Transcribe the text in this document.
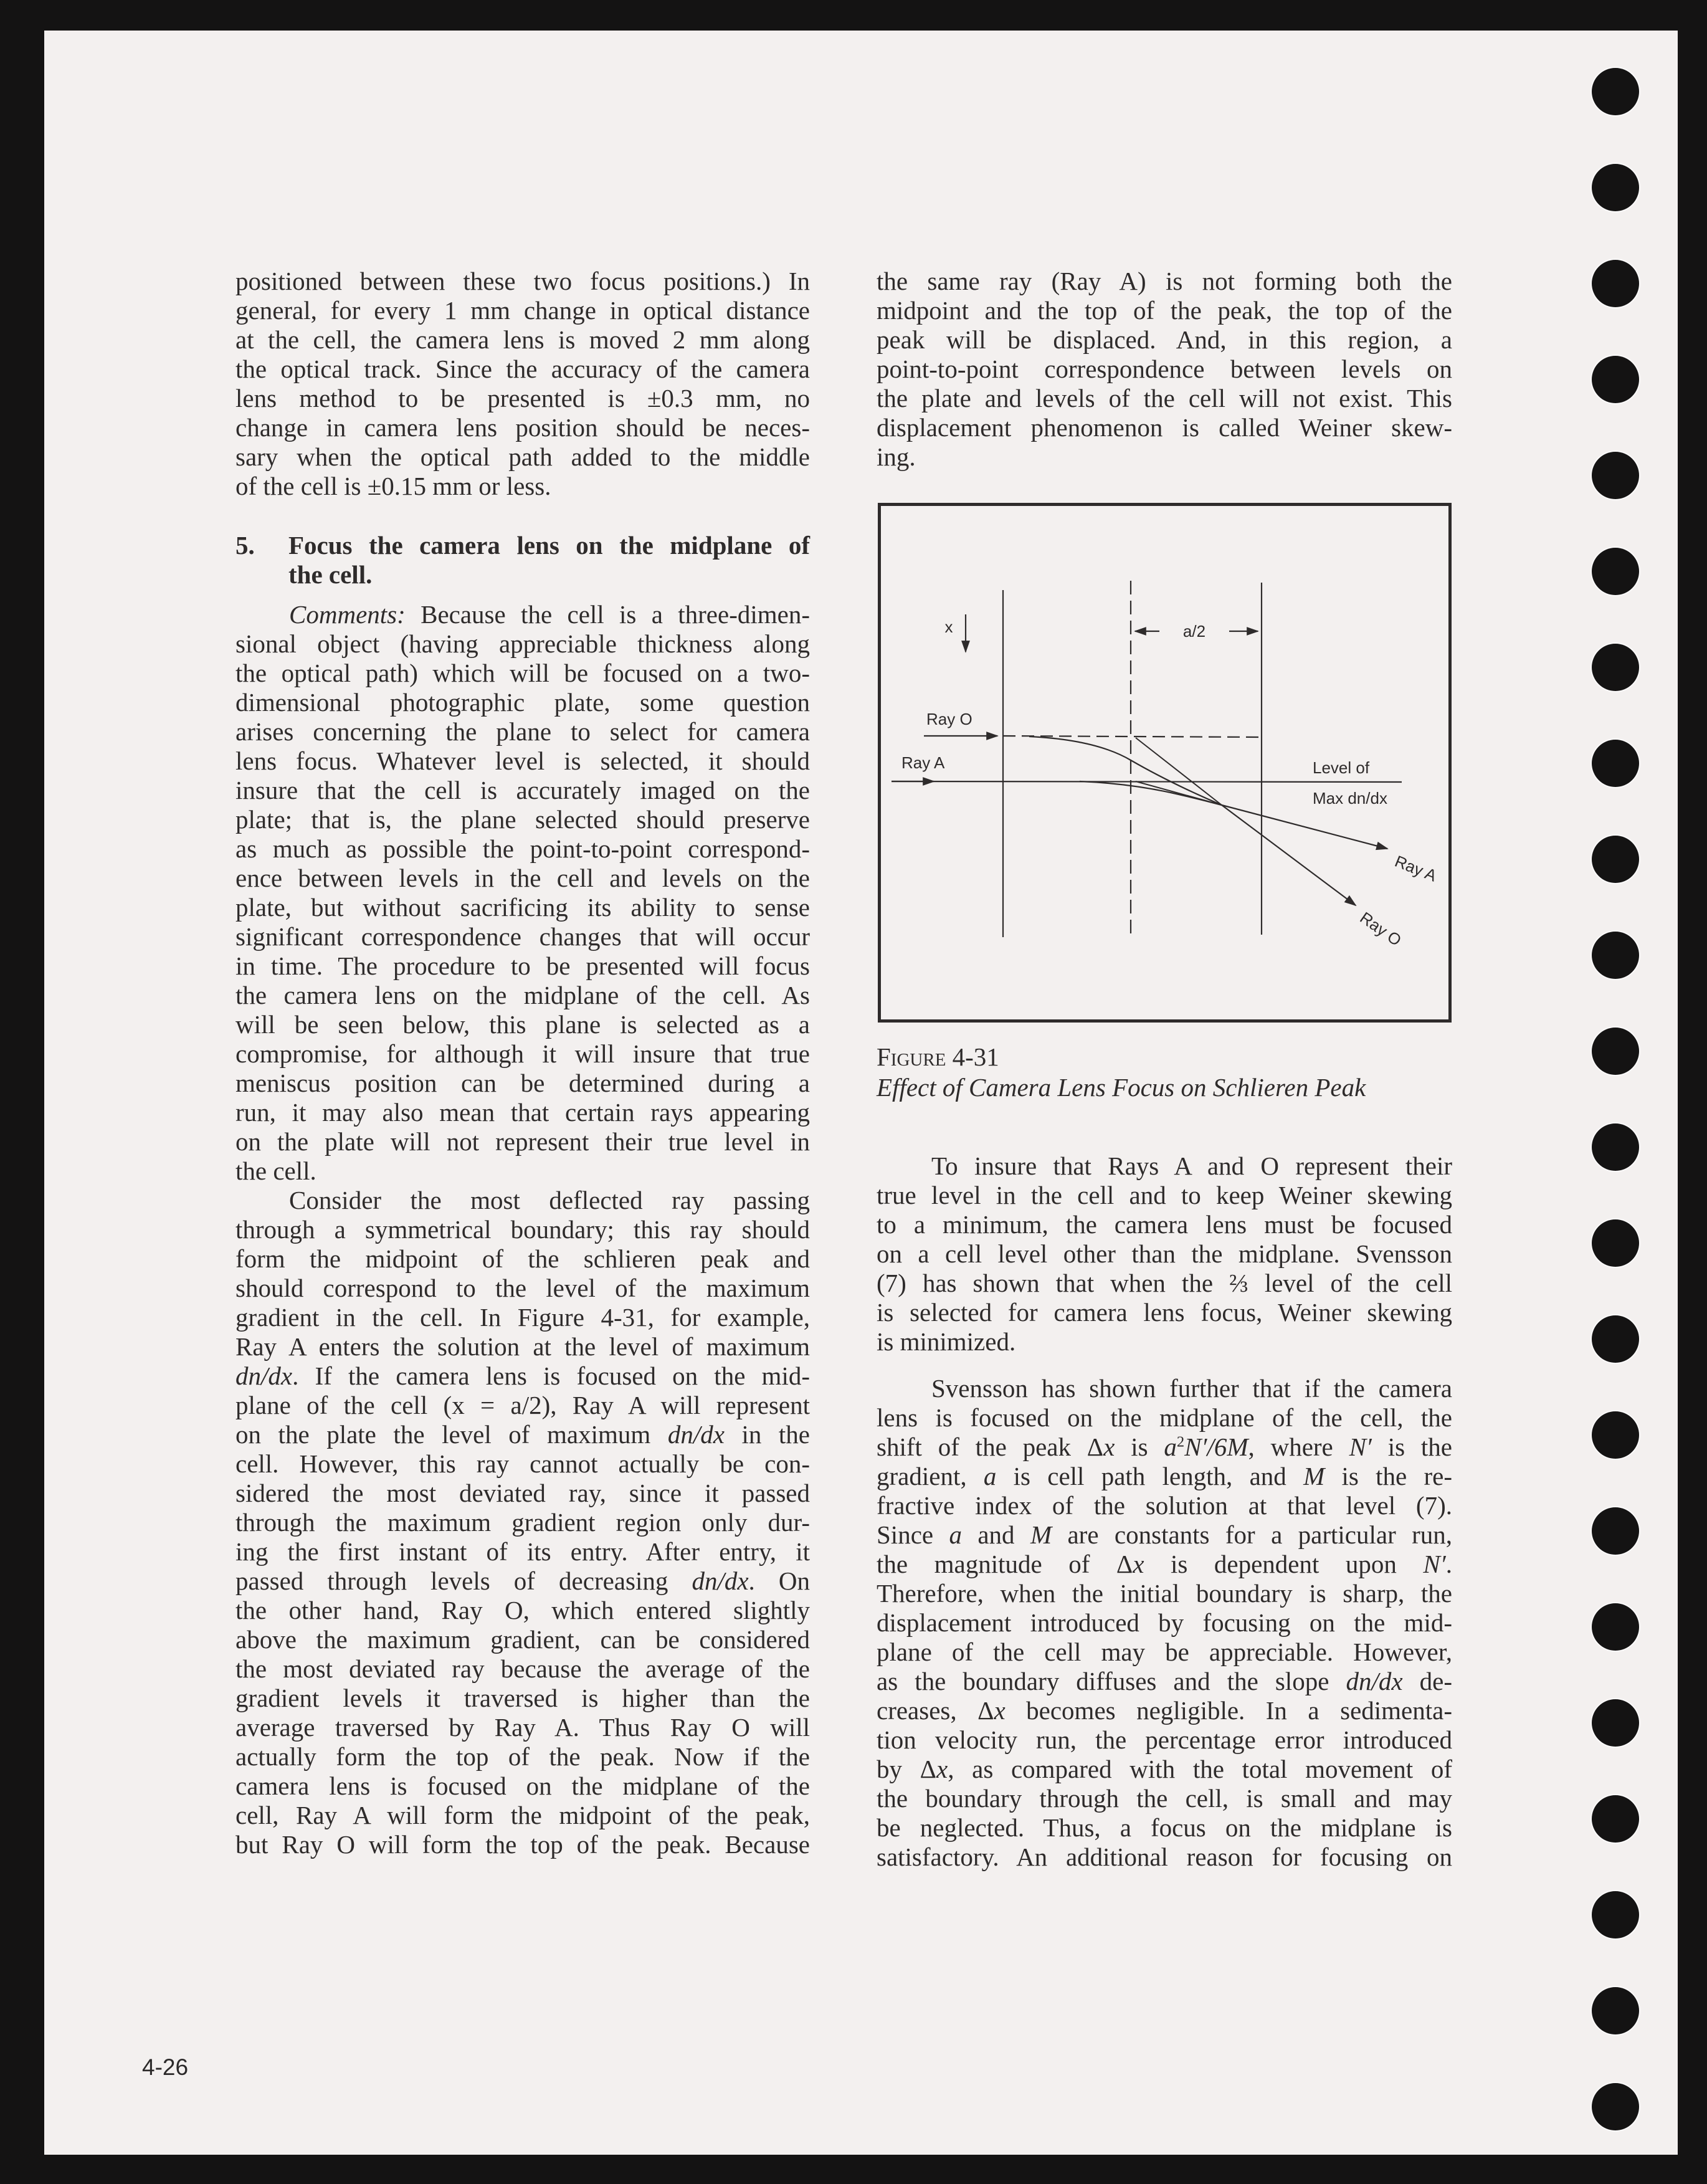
positioned between these two focus positions.) In
general, for every 1 mm change in optical distance
at the cell, the camera lens is moved 2 mm along
the optical track. Since the accuracy of the camera
lens method to be presented is ±0.3 mm, no
change in camera lens position should be neces-
sary when the optical path added to the middle
of the cell is ±0.15 mm or less.
5.	Focus the camera lens on the midplane of
the cell.
Comments: Because the cell is a three-dimen-
sional object (having appreciable thickness along
the optical path) which will be focused on a two-
dimensional photographic plate, some question
arises concerning the plane to select for camera
lens focus. Whatever level is selected, it should
insure that the cell is accurately imaged on the
plate; that is, the plane selected should preserve
as much as possible the point-to-point correspond-
ence between levels in the cell and levels on the
plate, but without sacrificing its ability to sense
significant correspondence changes that will occur
in time. The procedure to be presented will focus
the camera lens on the midplane of the cell. As
will be seen below, this plane is selected as a
compromise, for although it will insure that true
meniscus position can be determined during a
run, it may also mean that certain rays appearing
on the plate will not represent their true level in
the cell.
Consider the most deflected ray passing
through a symmetrical boundary; this ray should
form the midpoint of the schlieren peak and
should correspond to the level of the maximum
gradient in the cell. In Figure 4-31, for example,
Ray A enters the solution at the level of maximum
dn/dx. If the camera lens is focused on the mid-
plane of the cell (x = a/2), Ray A will represent
on the plate the level of maximum dn/dx in the
cell. However, this ray cannot actually be con-
sidered the most deviated ray, since it passed
through the maximum gradient region only dur-
ing the first instant of its entry. After entry, it
passed through levels of decreasing dn/dx. On
the other hand, Ray O, which entered slightly
above the maximum gradient, can be considered
the most deviated ray because the average of the
gradient levels it traversed is higher than the
average traversed by Ray A. Thus Ray O will
actually form the top of the peak. Now if the
camera lens is focused on the midplane of the
cell, Ray A will form the midpoint of the peak,
but Ray O will form the top of the peak. Because
the same ray (Ray A) is not forming both the
midpoint and the top of the peak, the top of the
peak will be displaced. And, in this region, a
point-to-point correspondence between levels on
the plate and levels of the cell will not exist. This
displacement phenomenon is called Weiner skew-
ing.
Figure 4-31
Effect of Camera Lens Focus on Schlieren Peak
To insure that Rays A and O represent their
true level in the cell and to keep Weiner skewing
to a minimum, the camera lens must be focused
on a cell level other than the midplane. Svensson
(7) has shown that when the ⅔ level of the cell
is selected for camera lens focus, Weiner skewing
is minimized.
Svensson has shown further that if the camera
lens is focused on the midplane of the cell, the
shift of the peak Δx is $a^2N'/6M$, where N′ is the
gradient, a is cell path length, and M is the re-
fractive index of the solution at that level (7).
Since a and M are constants for a particular run,
the magnitude of Δx is dependent upon N′.
Therefore, when the initial boundary is sharp, the
displacement introduced by focusing on the mid-
plane of the cell may be appreciable. However,
as the boundary diffuses and the slope dn/dx de-
creases, Δx becomes negligible. In a sedimenta-
tion velocity run, the percentage error introduced
by Δx, as compared with the total movement of
the boundary through the cell, is small and may
be neglected. Thus, a focus on the midplane is
satisfactory. An additional reason for focusing on
a/2
x
Ray O
Ray A	Level of
Max dn/dx
Ray A
Ray O
4-26
